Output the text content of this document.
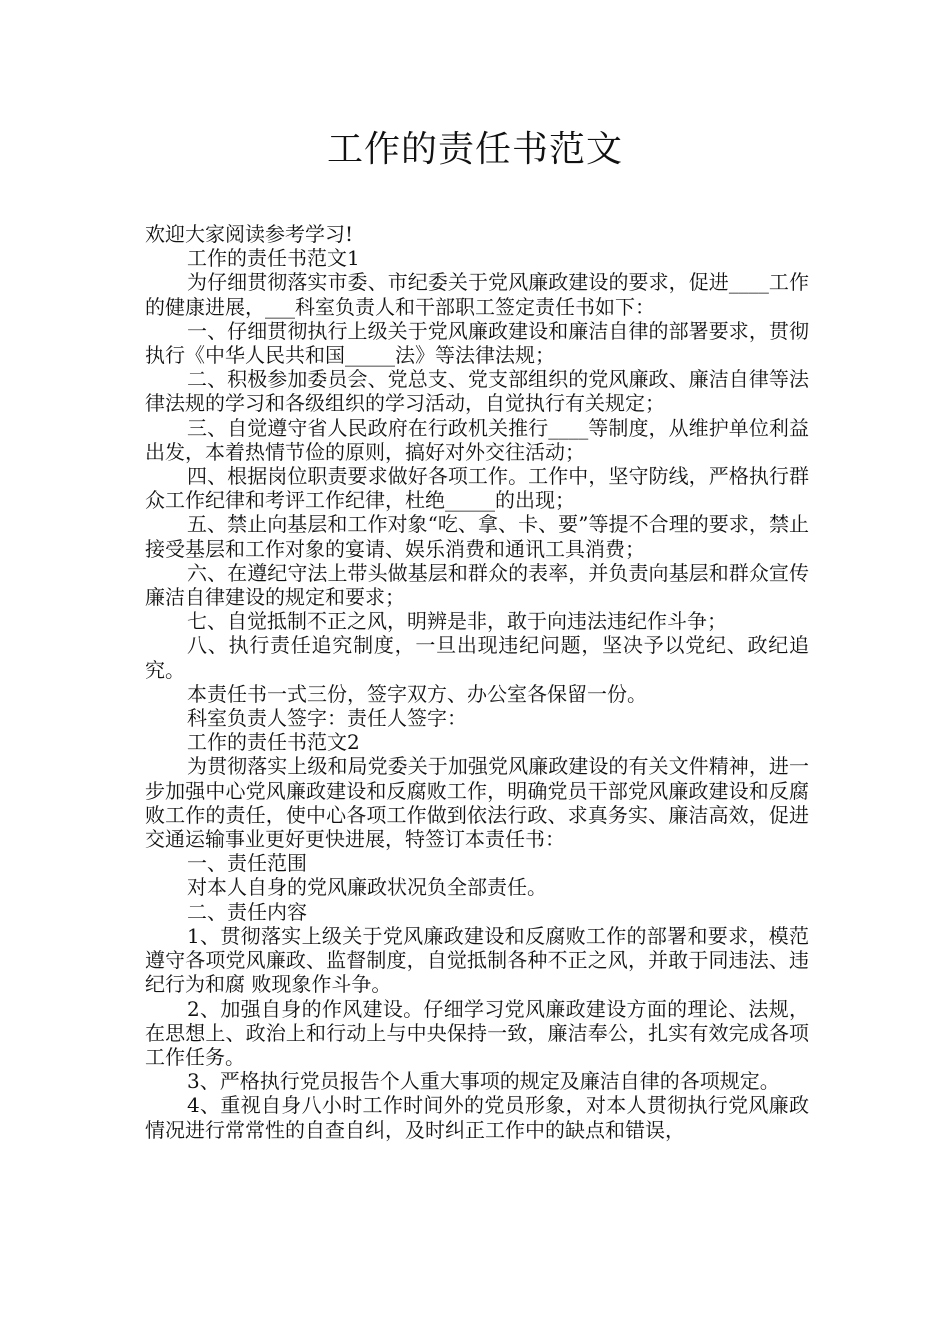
工作的责任书范文

欢迎大家阅读参考学习!

工作的责任书范文1

为仔细贯彻落实市委、市纪委关于党风廉政建设的要求，促进____工作的健康进展，___科室负责人和干部职工签定责任书如下：

一、仔细贯彻执行上级关于党风廉政建设和廉洁自律的部署要求，贯彻执行《中华人民共和国_____法》等法律法规；

二、积极参加委员会、党总支、党支部组织的党风廉政、廉洁自律等法律法规的学习和各级组织的学习活动，自觉执行有关规定；

三、自觉遵守省人民政府在行政机关推行____等制度，从维护单位利益出发，本着热情节俭的原则，搞好对外交往活动；

四、根据岗位职责要求做好各项工作。工作中，坚守防线，严格执行群众工作纪律和考评工作纪律，杜绝_____的出现；

五、禁止向基层和工作对象“吃、拿、卡、要”等提不合理的要求，禁止接受基层和工作对象的宴请、娱乐消费和通讯工具消费；

六、在遵纪守法上带头做基层和群众的表率，并负责向基层和群众宣传廉洁自律建设的规定和要求；

七、自觉抵制不正之风，明辨是非，敢于向违法违纪作斗争；

八、执行责任追究制度，一旦出现违纪问题，坚决予以党纪、政纪追究。

本责任书一式三份，签字双方、办公室各保留一份。

科室负责人签字：责任人签字：

工作的责任书范文2

为贯彻落实上级和局党委关于加强党风廉政建设的有关文件精神，进一步加强中心党风廉政建设和反腐败工作，明确党员干部党风廉政建设和反腐 败工作的责任，使中心各项工作做到依法行政、求真务实、廉洁高效，促进交通运输事业更好更快进展，特签订本责任书：

一、责任范围

对本人自身的党风廉政状况负全部责任。

二、责任内容

1、贯彻落实上级关于党风廉政建设和反腐败工作的部署和要求，模范遵守各项党风廉政、监督制度，自觉抵制各种不正之风，并敢于同违法、违纪行为和腐 败现象作斗争。

2、加强自身的作风建设。仔细学习党风廉政建设方面的理论、法规，在思想上、政治上和行动上与中央保持一致，廉洁奉公，扎实有效完成各项工作任务。

3、严格执行党员报告个人重大事项的规定及廉洁自律的各项规定。

4、重视自身八小时工作时间外的党员形象，对本人贯彻执行党风廉政情况进行常常性的自查自纠，及时纠正工作中的缺点和错误，
